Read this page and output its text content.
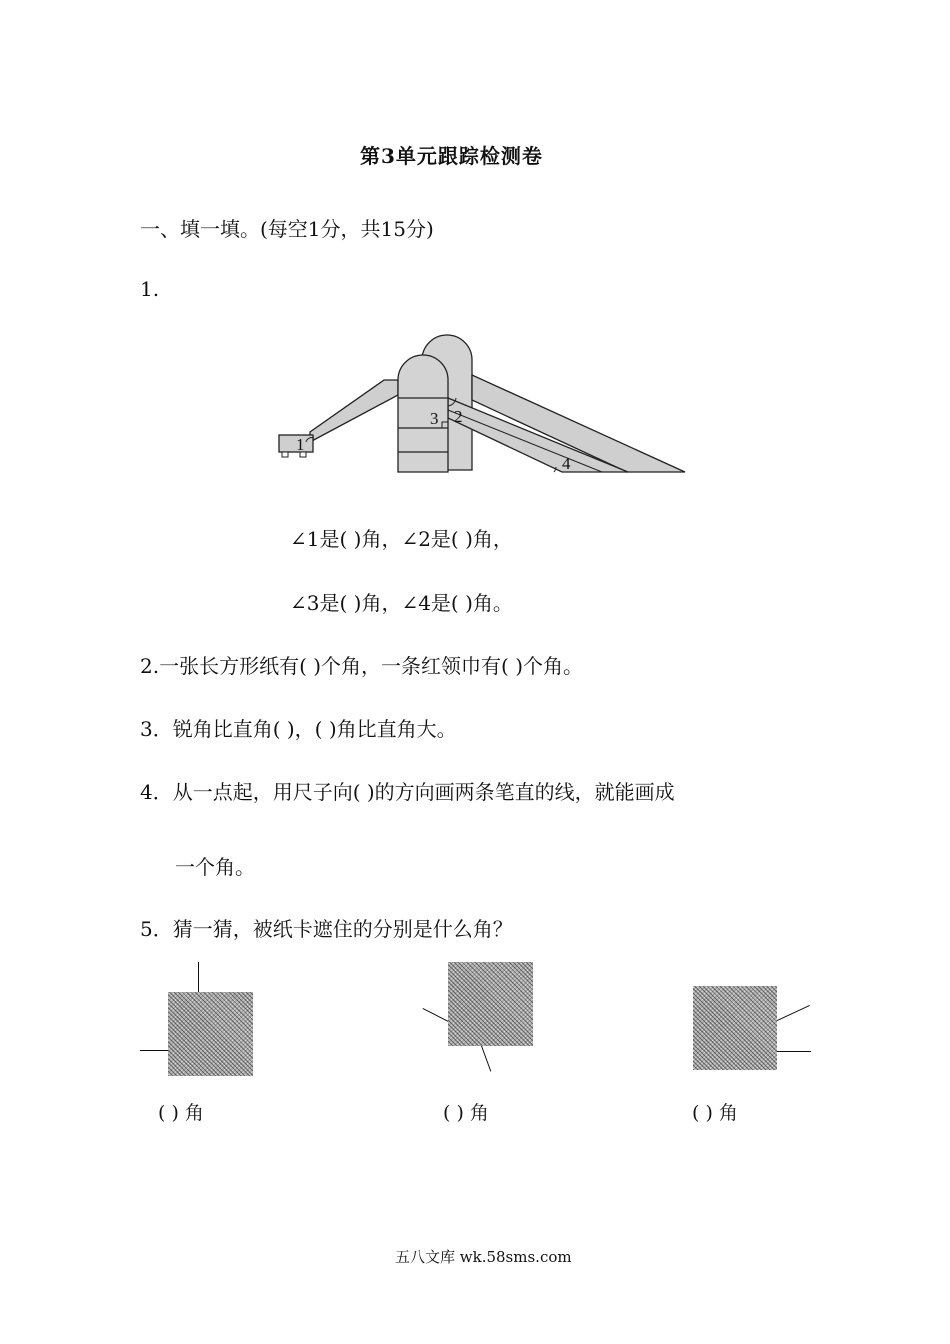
第3单元跟踪检测卷
一、填一填。(每空1分，共15分)
1.
1
2
3
4
∠1是( )角，∠2是( )角，
∠3是( )角，∠4是( )角。
2.一张长方形纸有( )个角，一条红领巾有( )个角。
3．锐角比直角( )，( )角比直角大。
4．从一点起，用尺子向( )的方向画两条笔直的线，就能画成
一个角。
5．猜一猜，被纸卡遮住的分别是什么角？
( ) 角	( ) 角	( ) 角
五八文库 wk.58sms.com
